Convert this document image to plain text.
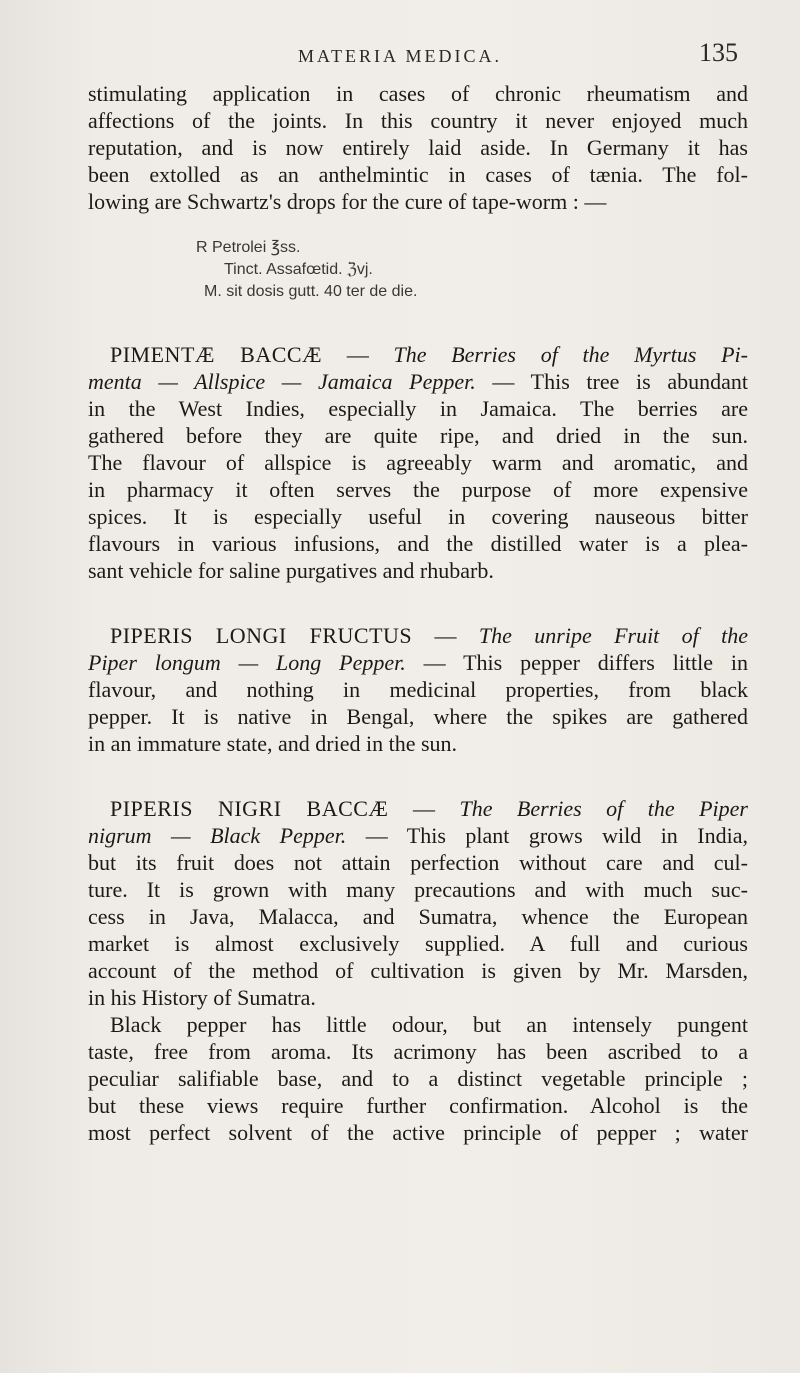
MATERIA MEDICA.	135

stimulating application in cases of chronic rheumatism and
affections of the joints. In this country it never enjoyed much
reputation, and is now entirely laid aside. In Germany it has
been extolled as an anthelmintic in cases of tænia. The fol-
lowing are Schwartz's drops for the cure of tape-worm : —

R Petrolei ℥ss.
Tinct. Assafœtid. ℨvj.
M. sit dosis gutt. 40 ter de die.

PIMENTÆ BACCÆ — The Berries of the Myrtus Pi-
menta — Allspice — Jamaica Pepper. — This tree is abundant
in the West Indies, especially in Jamaica. The berries are
gathered before they are quite ripe, and dried in the sun.
The flavour of allspice is agreeably warm and aromatic, and
in pharmacy it often serves the purpose of more expensive
spices. It is especially useful in covering nauseous bitter
flavours in various infusions, and the distilled water is a plea-
sant vehicle for saline purgatives and rhubarb.

PIPERIS LONGI FRUCTUS — The unripe Fruit of the
Piper longum — Long Pepper. — This pepper differs little in
flavour, and nothing in medicinal properties, from black
pepper. It is native in Bengal, where the spikes are gathered
in an immature state, and dried in the sun.

PIPERIS NIGRI BACCÆ — The Berries of the Piper
nigrum — Black Pepper. — This plant grows wild in India,
but its fruit does not attain perfection without care and cul-
ture. It is grown with many precautions and with much suc-
cess in Java, Malacca, and Sumatra, whence the European
market is almost exclusively supplied. A full and curious
account of the method of cultivation is given by Mr. Marsden,
in his History of Sumatra.

Black pepper has little odour, but an intensely pungent
taste, free from aroma. Its acrimony has been ascribed to a
peculiar salifiable base, and to a distinct vegetable principle ;
but these views require further confirmation. Alcohol is the
most perfect solvent of the active principle of pepper ; water
